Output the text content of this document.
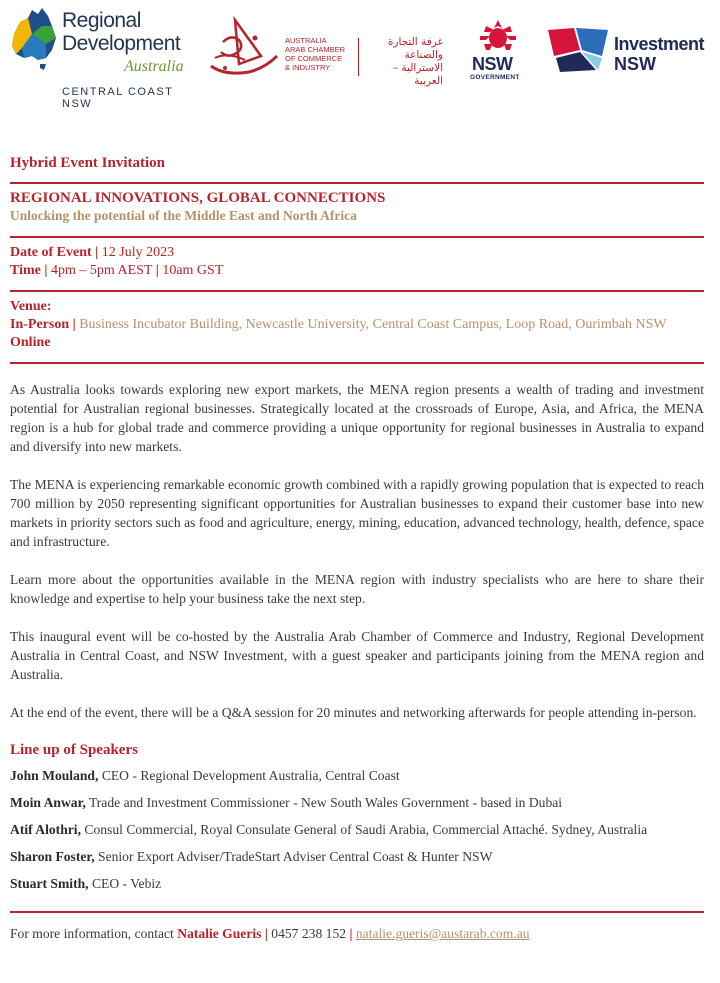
Regional
Development
Australia
CENTRAL COAST NSW
AUSTRALIA
ARAB CHAMBER
OF COMMERCE
& INDUSTRY
غرفة التجارة
والصناعة
الاسترالية – العربية
NSW
GOVERNMENT
Investment
NSW
Hybrid Event Invitation
REGIONAL INNOVATIONS, GLOBAL CONNECTIONS
Unlocking the potential of the Middle East and North Africa
Date of Event | 12 July 2023
Time | 4pm – 5pm AEST | 10am GST
Venue:
In-Person | Business Incubator Building, Newcastle University, Central Coast Campus, Loop Road, Ourimbah NSW
Online
As Australia looks towards exploring new export markets, the MENA region presents a wealth of trading and investment potential for Australian regional businesses. Strategically located at the crossroads of Europe, Asia, and Africa, the MENA region is a hub for global trade and commerce providing a unique opportunity for regional businesses in Australia to expand and diversify into new markets.
The MENA is experiencing remarkable economic growth combined with a rapidly growing population that is expected to reach 700 million by 2050 representing significant opportunities for Australian businesses to expand their customer base into new markets in priority sectors such as food and agriculture, energy, mining, education, advanced technology, health, defence, space and infrastructure.
Learn more about the opportunities available in the MENA region with industry specialists who are here to share their knowledge and expertise to help your business take the next step.
This inaugural event will be co-hosted by the Australia Arab Chamber of Commerce and Industry, Regional Development Australia in Central Coast, and NSW Investment, with a guest speaker and participants joining from the MENA region and Australia.
At the end of the event, there will be a Q&A session for 20 minutes and networking afterwards for people attending in-person.
Line up of Speakers
John Mouland, CEO - Regional Development Australia, Central Coast
Moin Anwar, Trade and Investment Commissioner - New South Wales Government - based in Dubai
Atif Alothri, Consul Commercial, Royal Consulate General of Saudi Arabia, Commercial Attaché. Sydney, Australia
Sharon Foster, Senior Export Adviser/TradeStart Adviser Central Coast & Hunter NSW
Stuart Smith, CEO - Vebiz
For more information, contact Natalie Gueris | 0457 238 152 | natalie.gueris@austarab.com.au
